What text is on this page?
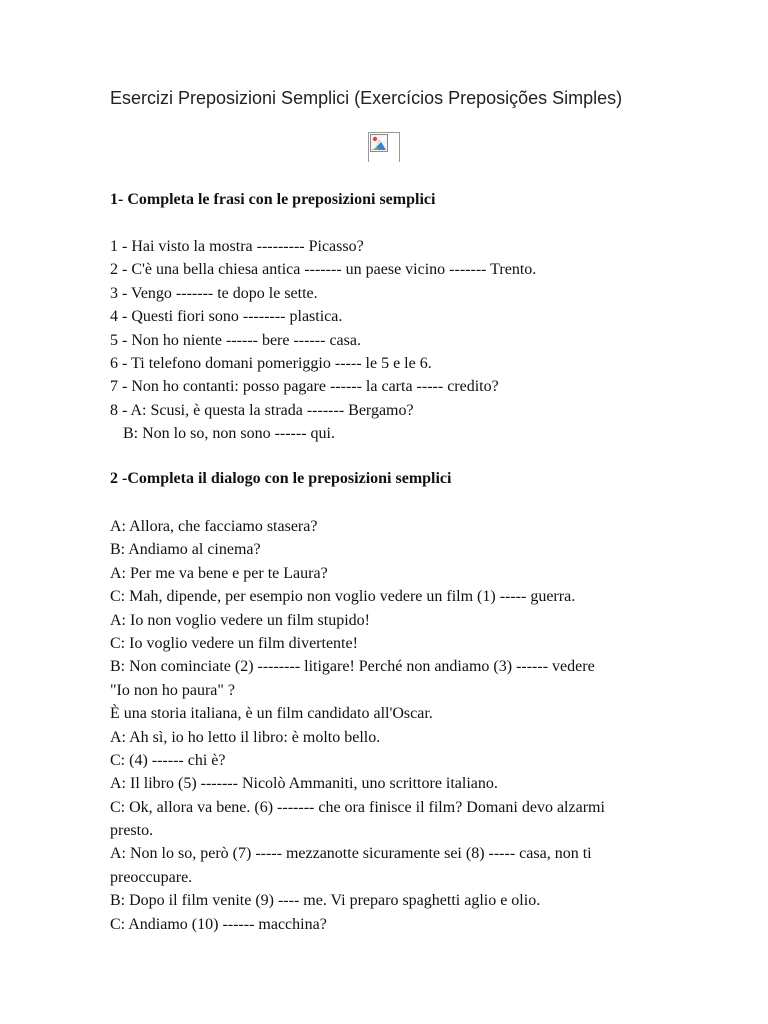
Esercizi Preposizioni Semplici (Exercícios Preposições Simples)
1- Completa le frasi con le preposizioni semplici
1 - Hai visto la mostra --------- Picasso?
2 - C'è una bella chiesa antica ------- un paese vicino ------- Trento.
3 - Vengo ------- te dopo le sette.
4 - Questi fiori sono -------- plastica.
5 - Non ho niente ------ bere ------ casa.
6 - Ti telefono domani pomeriggio ----- le 5 e le 6.
7 - Non ho contanti: posso pagare ------ la carta ----- credito?
8 - A: Scusi, è questa la strada ------- Bergamo?
B: Non lo so, non sono ------ qui.
2 -Completa il dialogo con le preposizioni semplici
A: Allora, che facciamo stasera?
B: Andiamo al cinema?
A: Per me va bene e per te Laura?
C: Mah, dipende, per esempio non voglio vedere un film (1) ----- guerra.
A: Io non voglio vedere un film stupido!
C: Io voglio vedere un film divertente!
B: Non cominciate (2) -------- litigare! Perché non andiamo (3) ------ vedere
"Io non ho paura" ?
È una storia italiana, è un film candidato all'Oscar.
A: Ah sì, io ho letto il libro: è molto bello.
C: (4) ------ chi è?
A: Il libro (5) ------- Nicolò Ammaniti, uno scrittore italiano.
C: Ok, allora va bene. (6) ------- che ora finisce il film? Domani devo alzarmi
presto.
A: Non lo so, però (7) ----- mezzanotte sicuramente sei (8) ----- casa, non ti
preoccupare.
B: Dopo il film venite (9) ---- me. Vi preparo spaghetti aglio e olio.
C: Andiamo (10) ------ macchina?
